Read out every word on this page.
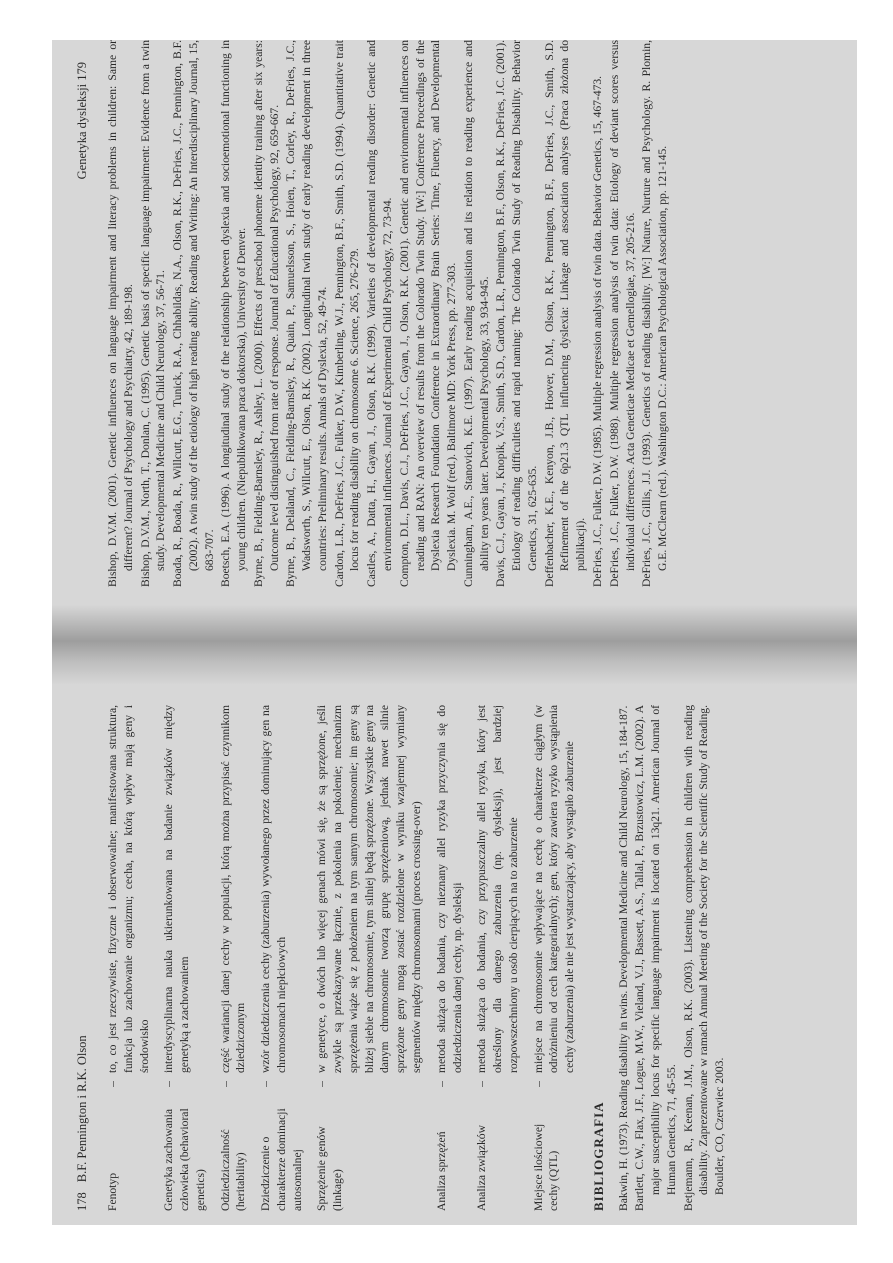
Genetyka dysleksji 179 Bishop, D.V.M. (2001). Genetic influences on language impairment and literacy problems in children: Same or different? Journal of Psychology and Psychiatry, 42, 189-198. Bishop, D.V.M., North, T., Donlan, C. (1995). Genetic basis of specific language impairment: Evidence from a twin study. Developmental Medicine and Child Neurology, 37, 56-71. Boada, R., Boada, R., Willcutt, E.G., Tunick, R.A., Chhabildas, N.A., Olson, R.K., DeFries, J.C., Pennington, B.F. (2002). A twin study of the etiology of high reading ability. Reading and Writing: An Interdisciplinary Journal, 15, 683-707. Boetsch, E.A. (1996). A longitudinal study of the relationship between dyslexia and socioemotional functioning in young children. (Niepublikowana praca doktorska), University of Denver. Byrne, B., Fielding-Barnsley, R., Ashley, L. (2000). Effects of preschool phoneme identity training after six years: Outcome level distinguished from rate of response. Journal of Educational Psychology, 92, 659-667. Byrne, B., Delaland, C., Fielding-Barnsley, R., Quain, P., Samuelsson, S., Hoien, T., Corley, R., DeFries, J.C., Wadsworth, S., Willcutt, E., Olson, R.K. (2002). Longitudinal twin study of early reading development in three countries: Preliminary results. Annals of Dyslexia, 52, 49-74. Cardon, L.R., DeFries, J.C., Fulker, D.W., Kimberling, W.J., Pennington, B.F., Smith, S.D. (1994). Quantitative trait locus for reading disability on chromosome 6. Science, 265, 276-279. Castles, A., Datta, H., Gayan, J., Olson, R.K. (1999). Varieties of developmental reading disorder: Genetic and environmental influences. Journal of Experimental Child Psychology, 72, 73-94. Compton, D.L., Davis, C.J., DeFries, J.C., Gayan, J., Olson, R.K. (2001). Genetic and environmental influences on reading and RAN: An overview of results from the Colorado Twin Study. [W:] Conference Proceedings of the Dyslexia Research Foundation Conference in Extraordinary Brain Series: Time, Fluency, and Developmental Dyslexia. M. Wolf (red.). Baltimore MD: York Press, pp. 277-303. Cunningham, A.E., Stanovich, K.E. (1997). Early reading acquisition and its relation to reading experience and ability ten years later. Developmental Psychology, 33, 934-945. Davis, C.J., Gayan, J., Knopik, V.S., Smith, S.D., Cardon, L.R., Pennington, B.F., Olson, R.K., DeFries, J.C. (2001). Etiology of reading difficulties and rapid naming: The Colorado Twin Study of Reading Disability. Behavior Genetics, 31, 625-635. Deffenbacher, K.E., Kenyon, J.B., Hoover, D.M., Olson, R.K., Pennington, B.F., DeFries, J.C., Smith, S.D. Refinement of the 6p21.3 QTL influencing dyslexia: Linkage and association analyses (Praca złożona do publikacji). DeFries, J.C., Fulker, D.W. (1985). Multiple regression analysis of twin data. Behavior Genetics, 15, 467-473. DeFries, J.C., Fulker, D.W. (1988). Multiple regression analysis of twin data: Etiology of deviant scores versus individual differences. Acta Geneticae Medicae et Gemellogiae, 37, 205-216. DeFries, J.C., Gillis, J.J. (1993). Genetics of reading disability. [W:] Nature, Nurture and Psychology. R. Plomin, G.E. McClearn (red.). Washington D.C.: American Psychological Association, pp. 121-145.
178B.F. Pennington i R.K. Olson
Fenotyp
–
to, co jest rzeczywiste, fizyczne i obserwowalne; manifestowana struktura, funkcja lub zachowanie organizmu; cecha, na którą wpływ mają geny i środowisko
Genetyka zachowania człowieka (behavioral genetics)
–
interdyscyplinarna nauka ukierunkowana na badanie związków między genetyką a zachowaniem
Odziedziczalność (heritability)
–
część wariancji danej cechy w populacji, którą można przypisać czynnikom dziedziczonym
Dziedziczenie o charakterze dominacji autosomalnej
–
wzór dziedziczenia cechy (zaburzenia) wywołanego przez dominujący gen na chromosomach niepłciowych
Sprzężenie genów (linkage)
–
w genetyce, o dwóch lub więcej genach mówi się, że są sprzężone, jeśli zwykle są przekazywane łącznie, z pokolenia na pokolenie; mechanizm sprzężenia wiąże się z położeniem na tym samym chromosomie; im geny są bliżej siebie na chromosomie, tym silniej będą sprzężone. Wszystkie geny na danym chromosomie tworzą grupę sprzężeniową, jednak nawet silnie sprzężone geny mogą zostać rozdzielone w wyniku wzajemnej wymiany segmentów między chromosomami (proces crossing-over)
Analiza sprzężeń
–
metoda służąca do badania, czy nieznany allel ryzyka przyczynia się do odziedziczenia danej cechy, np. dysleksji
Analiza związków
–
metoda służąca do badania, czy przypuszczalny allel ryzyka, który jest określony dla danego zaburzenia (np. dysleksji), jest bardziej rozpowszechniony u osób cierpiących na to zaburzenie
Miejsce ilościowej cechy (QTL)
–
miejsce na chromosomie wpływające na cechę o charakterze ciągłym (w odróżnieniu od cech kategorialnych); gen, który zawiera ryzyko wystąpienia cechy (zaburzenia) ale nie jest wystarczający, aby wystąpiło zaburzenie
BIBLIOGRAFIA Bakwin, H. (1973). Reading disability in twins. Developmental Medicine and Child Neurology, 15, 184-187. Bartlett, C.W., Flax, J.F., Logue, M.W., Vieland, V.J., Bassett, A.S., Tallal, P., Brzustowicz, L.M. (2002). A major susceptibility locus for specific language impairment is located on 13q21. American Journal of Human Genetics, 71, 45-55. Betjemann, R., Keenan, J.M., Olson, R.K. (2003). Listening comprehension in children with reading disability. Zaprezentowane w ramach Annual Meeting of the Society for the Scientific Study of Reading. Boulder, CO, Czerwiec 2003.
